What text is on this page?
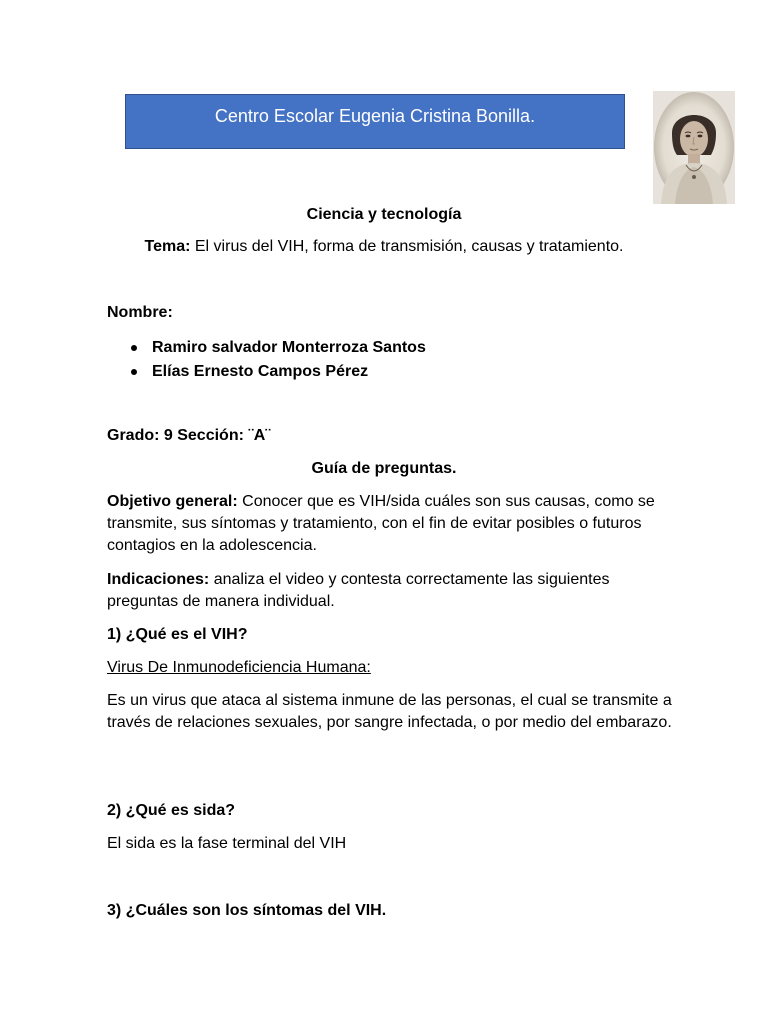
Centro Escolar Eugenia Cristina Bonilla.
Ciencia y tecnología
Tema: El virus del VIH, forma de transmisión, causas y tratamiento.
Nombre:
Ramiro salvador Monterroza Santos
Elías Ernesto Campos Pérez
Grado: 9 Sección: ¨A¨
Guía de preguntas.
Objetivo general: Conocer que es VIH/sida cuáles son sus causas, como se transmite, sus síntomas y tratamiento, con el fin de evitar posibles o futuros contagios en la adolescencia.
Indicaciones: analiza el video y contesta correctamente las siguientes preguntas de manera individual.
1) ¿Qué es el VIH?
Virus De Inmunodeficiencia Humana:
Es un virus que ataca al sistema inmune de las personas, el cual se transmite a través de relaciones sexuales, por sangre infectada, o por medio del embarazo.
2) ¿Qué es sida?
El sida es la fase terminal del VIH
3) ¿Cuáles son los síntomas del VIH.
